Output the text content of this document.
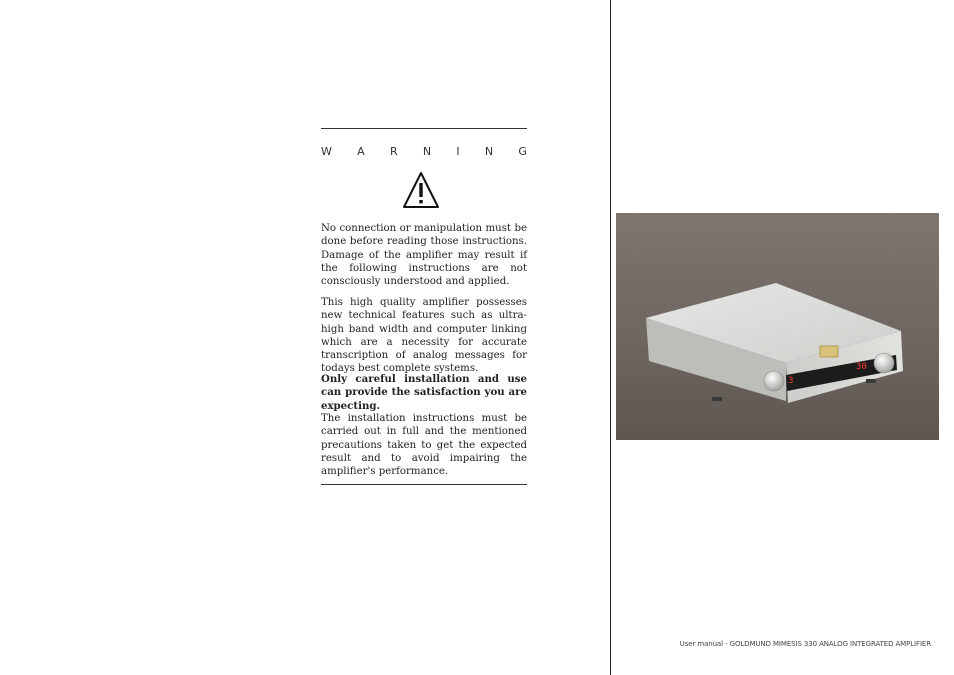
W A R N I N G

No connection or manipulation must be done before reading those instructions. Damage of the amplifier may result if the following instructions are not consciously understood and applied.

This high quality amplifier possesses new technical features such as ultra-high band width and computer linking which are a necessity for accurate transcription of analog messages for todays best complete systems.

Only careful installation and use can provide the satisfaction you are expecting.

The installation instructions must be carried out in full and the mentioned precautions taken to get the expected result and to avoid impairing the amplifier's performance.

3
30
User manual - GOLDMUND MIMESIS 330 ANALOG INTEGRATED AMPLIFIER
